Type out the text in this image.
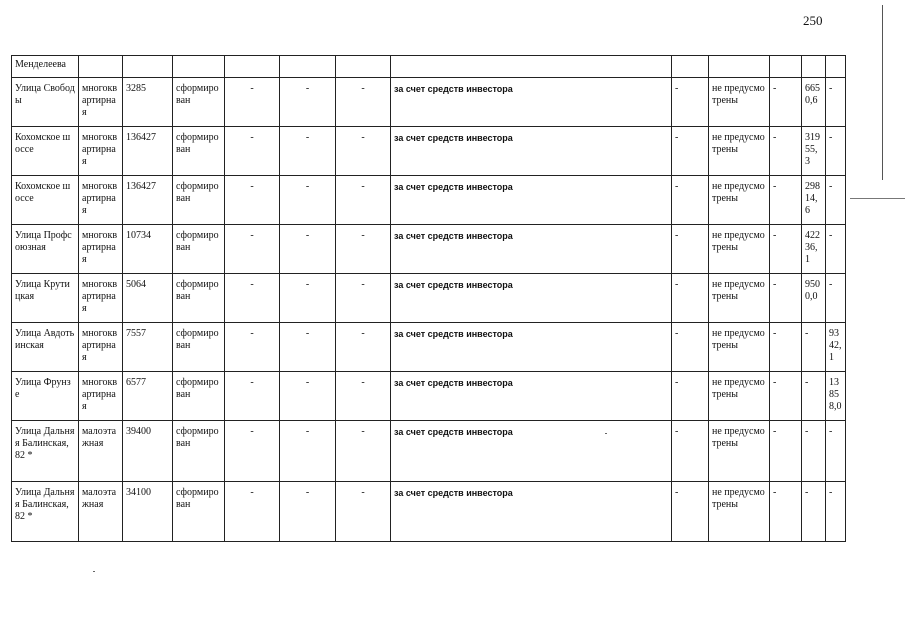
250
Менделеева												
Улица Свободы	многоквартирная	3285	сформирован	-	-	-	за счет средств инвестора	-	не предусмотрены	-	6650,6	-
Кохомское шоссе	многоквартирная	136427	сформирован	-	-	-	за счет средств инвестора	-	не предусмотрены	-	31955,3	-
Кохомское шоссе	многоквартирная	136427	сформирован	-	-	-	за счет средств инвестора	-	не предусмотрены	-	29814,6	-
Улица Профсоюзная	многоквартирная	10734	сформирован	-	-	-	за счет средств инвестора	-	не предусмотрены	-	42236,1	-
Улица Крутицкая	многоквартирная	5064	сформирован	-	-	-	за счет средств инвестора	-	не предусмотрены	-	9500,0	-
Улица Авдотьинская	многоквартирная	7557	сформирован	-	-	-	за счет средств инвестора	-	не предусмотрены	-	-	9342,1
Улица Фрунзе	многоквартирная	6577	сформирован	-	-	-	за счет средств инвестора	-	не предусмотрены	-	-	13858,0
Улица Дальняя Балинская, 82 *	малоэтажная	39400	сформирован	-	-	-	за счет средств инвестора	-	не предусмотрены	-	-	-
Улица Дальняя Балинская, 82 *	малоэтажная	34100	сформирован	-	-	-	за счет средств инвестора	-	не предусмотрены	-	-	-
